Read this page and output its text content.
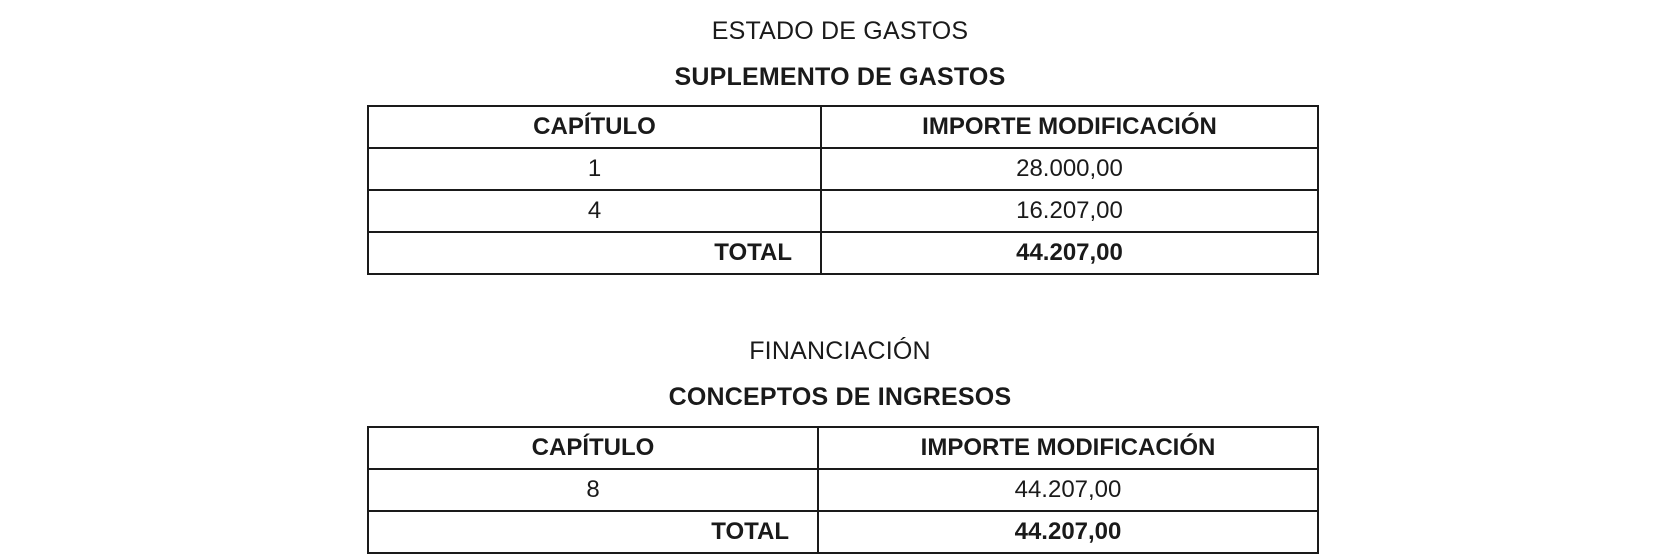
ESTADO DE GASTOS
SUPLEMENTO DE GASTOS
CAPÍTULO	IMPORTE MODIFICACIÓN
1	28.000,00
4	16.207,00
TOTAL	44.207,00
FINANCIACIÓN
CONCEPTOS DE INGRESOS
CAPÍTULO	IMPORTE MODIFICACIÓN
8	44.207,00
TOTAL	44.207,00
